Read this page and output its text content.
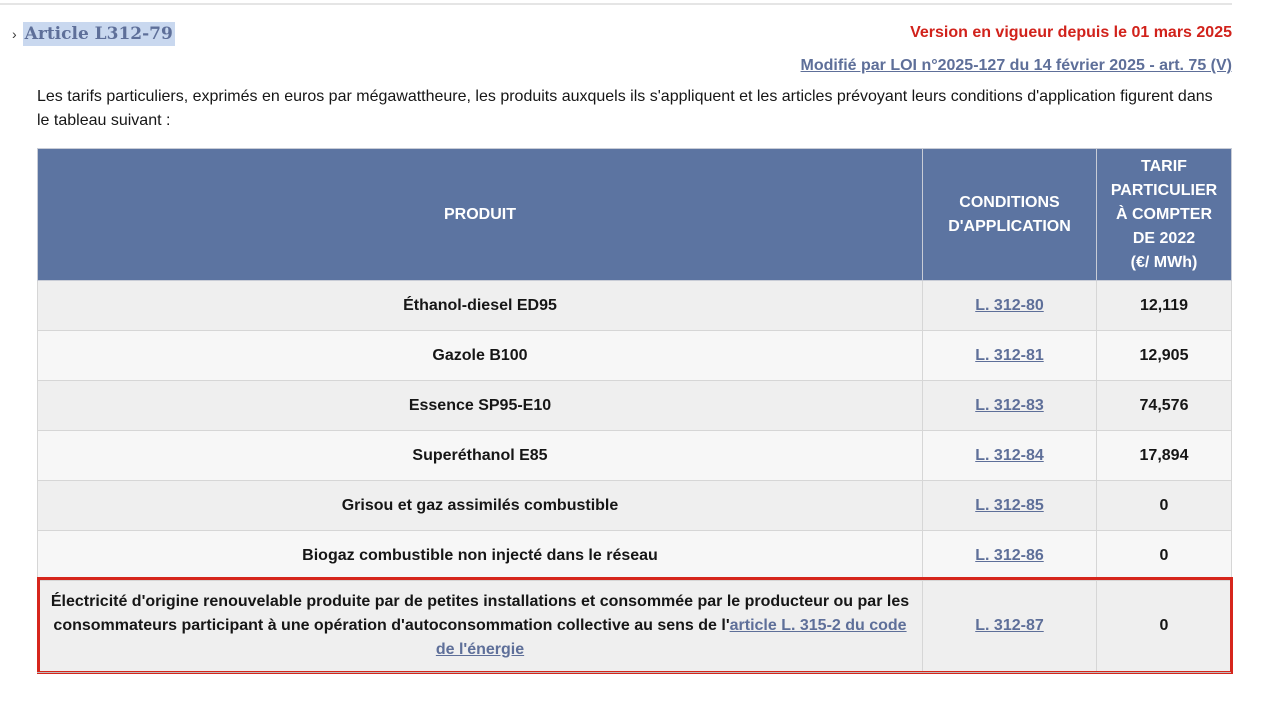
› Article L312-79	Version en vigueur depuis le 01 mars 2025
Modifié par LOI n°2025-127 du 14 février 2025 - art. 75 (V)

Les tarifs particuliers, exprimés en euros par mégawattheure, les produits auxquels ils s'appliquent et les articles prévoyant leurs conditions d'application figurent dans le tableau suivant :

PRODUIT	CONDITIONS D'APPLICATION	TARIF PARTICULIER À COMPTER DE 2022
(€/ MWh)
Éthanol-diesel ED95	L. 312-80	12,119
Gazole B100	L. 312-81	12,905
Essence SP95-E10	L. 312-83	74,576
Superéthanol E85	L. 312-84	17,894
Grisou et gaz assimilés combustible	L. 312-85	0
Biogaz combustible non injecté dans le réseau	L. 312-86	0
Électricité d'origine renouvelable produite par de petites installations et consommée par le producteur ou par les consommateurs participant à une opération d'autoconsommation collective au sens de l'article L. 315-2 du code de l'énergie	L. 312-87	0
